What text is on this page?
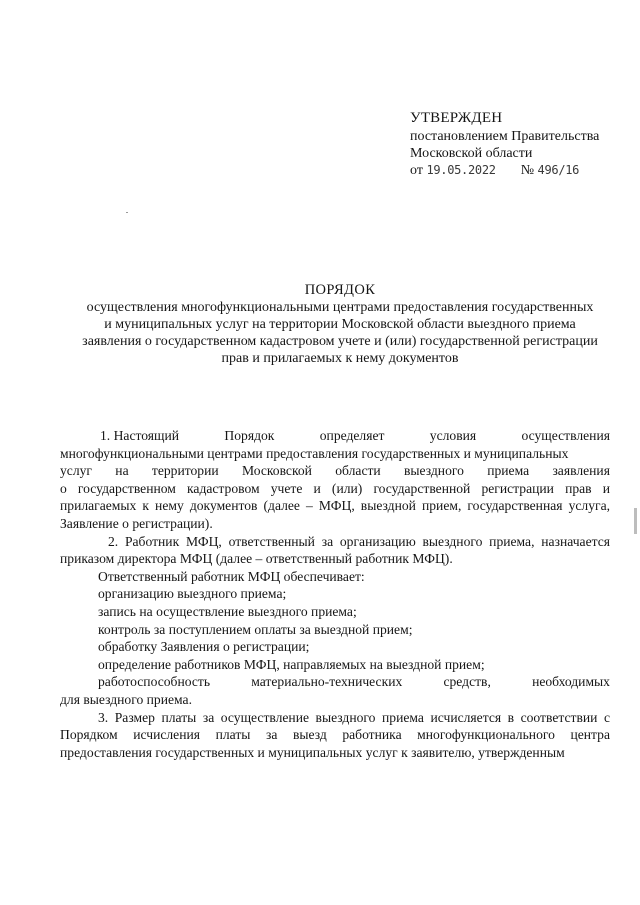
УТВЕРЖДЕН
постановлением Правительства
Московской области
от 19.05.2022 № 496/16
ПОРЯДОК
осуществления многофункциональными центрами предоставления государственных
и муниципальных услуг на территории Московской области выездного приема
заявления о государственном кадастровом учете и (или) государственной регистрации
прав и прилагаемых к нему документов
1. Настоящий	Порядок	определяет	условия	осуществления
многофункциональными центрами предоставления государственных и муниципальных
услуг на территории Московской области выездного приема заявления

о государственном кадастровом учете и (или) государственной регистрации прав и прилагаемых к нему документов (далее – МФЦ, выездной прием, государственная услуга, Заявление о регистрации).

2. Работник МФЦ, ответственный за организацию выездного приема, назначается приказом директора МФЦ (далее – ответственный работник МФЦ).

Ответственный работник МФЦ обеспечивает:

организацию выездного приема;

запись на осуществление выездного приема;

контроль за поступлением оплаты за выездной прием;

обработку Заявления о регистрации;

определение работников МФЦ, направляемых на выездной прием;

работоспособность	материально-технических	средств,	необходимых
для выездного приема.

3. Размер платы за осуществление выездного приема исчисляется в соответствии с Порядком исчисления платы за выезд работника многофункционального центра предоставления государственных и муниципальных услуг к заявителю, утвержденным
